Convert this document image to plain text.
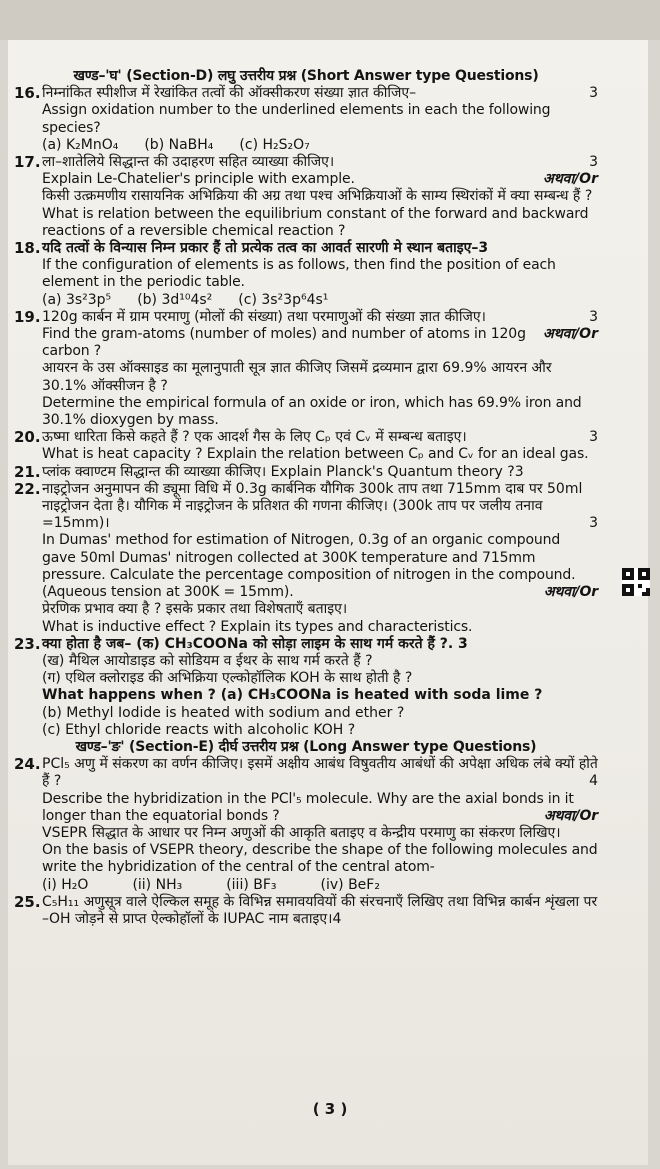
खण्ड–'घ' (Section-D) लघु उत्तरीय प्रश्न (Short Answer type Questions)
16. निम्नांकित स्पीशीज में रेखांकित तत्वों की ऑक्सीकरण संख्या ज्ञात कीजिए–	3
Assign oxidation number to the underlined elements in each the following species?
(a) K₂MnO₄ (b) NaBH₄ (c) H₂S₂O₇
17. ला–शातेलिये सिद्धान्त की उदाहरण सहित व्याख्या कीजिए।	3
Explain Le-Chatelier's principle with example.	अथवा/Or
किसी उत्क्रमणीय रासायनिक अभिक्रिया की अग्र तथा पश्च अभिक्रियाओं के साम्य स्थिरांकों में क्या सम्बन्ध हैं ?
What is relation between the equilibrium constant of the forward and backward reactions of a reversible chemical reaction ?
18. यदि तत्वों के विन्यास निम्न प्रकार हैं तो प्रत्येक तत्व का आवर्त सारणी मे स्थान बताइए–3
If the configuration of elements is as follows, then find the position of each element in the periodic table.
(a) 3s²3p⁵ (b) 3d¹⁰4s² (c) 3s²3p⁶4s¹
19. 120g कार्बन में ग्राम परमाणु (मोलों की संख्या) तथा परमाणुओं की संख्या ज्ञात कीजिए।	3
Find the gram-atoms (number of moles) and number of atoms in 120g carbon ?
अथवा/Or
आयरन के उस ऑक्साइड का मूलानुपाती सूत्र ज्ञात कीजिए जिसमें द्रव्यमान द्वारा 69.9% आयरन और 30.1% ऑक्सीजन है ?
Determine the empirical formula of an oxide or iron, which has 69.9% iron and 30.1% dioxygen by mass.
20. ऊष्मा धारिता किसे कहते हैं ? एक आदर्श गैस के लिए Cₚ एवं Cᵥ में सम्बन्ध बताइए।	3
What is heat capacity ? Explain the relation between Cₚ and Cᵥ for an ideal gas.
21. प्लांक क्वाण्टम सिद्धान्त की व्याख्या कीजिए। Explain Planck's Quantum theory ?3
22. नाइट्रोजन अनुमापन की ड्यूमा विधि में 0.3g कार्बनिक यौगिक 300k ताप तथा 715mm दाब पर 50ml नाइट्रोजन देता है। यौगिक में नाइट्रोजन के प्रतिशत की गणना कीजिए। (300k ताप पर जलीय तनाव =15mm)।	3
In Dumas' method for estimation of Nitrogen, 0.3g of an organic compound gave 50ml Dumas' nitrogen collected at 300K temperature and 715mm pressure. Calculate the percentage composition of nitrogen in the compound. (Aqueous tension at 300K = 15mm).	अथवा/Or
प्रेरणिक प्रभाव क्या है ? इसके प्रकार तथा विशेषताएँ बताइए।
What is inductive effect ? Explain its types and characteristics.
23. क्या होता है जब– (क) CH₃COONa को सोड़ा लाइम के साथ गर्म करते हैं ?. 3
(ख) मैथिल आयोडाइड को सोडियम व ईथर के साथ गर्म करते हैं ?
(ग) एथिल क्लोराइड की अभिक्रिया एल्कोहॉलिक KOH के साथ होती है ?
What happens when ? (a) CH₃COONa is heated with soda lime ?
(b) Methyl Iodide is heated with sodium and ether ?
(c) Ethyl chloride reacts with alcoholic KOH ?
खण्ड–'ङ' (Section-E) दीर्घ उत्तरीय प्रश्न (Long Answer type Questions)
24. PCl₅ अणु में संकरण का वर्णन कीजिए। इसमें अक्षीय आबंध विषुवतीय आबंधों की अपेक्षा अधिक लंबे क्यों होते हैं ?	4
Describe the hybridization in the PCl'₅ molecule. Why are the axial bonds in it longer than the equatorial bonds ?	अथवा/Or
VSEPR सिद्धात के आधार पर निम्न अणुओं की आकृति बताइए व केन्द्रीय परमाणु का संकरण लिखिए।
On the basis of VSEPR theory, describe the shape of the following molecules and write the hybridization of the central of the central atom-
(i) H₂O	(ii) NH₃	(iii) BF₃	(iv) BeF₂
25. C₅H₁₁ अणुसूत्र वाले ऐल्किल समूह के विभिन्न समावयवियों की संरचनाएँ लिखिए तथा विभिन्न कार्बन शृंखला पर –OH जोड़ने से प्राप्त ऐल्कोहॉलों के IUPAC नाम बताइए।4
( 3 )
